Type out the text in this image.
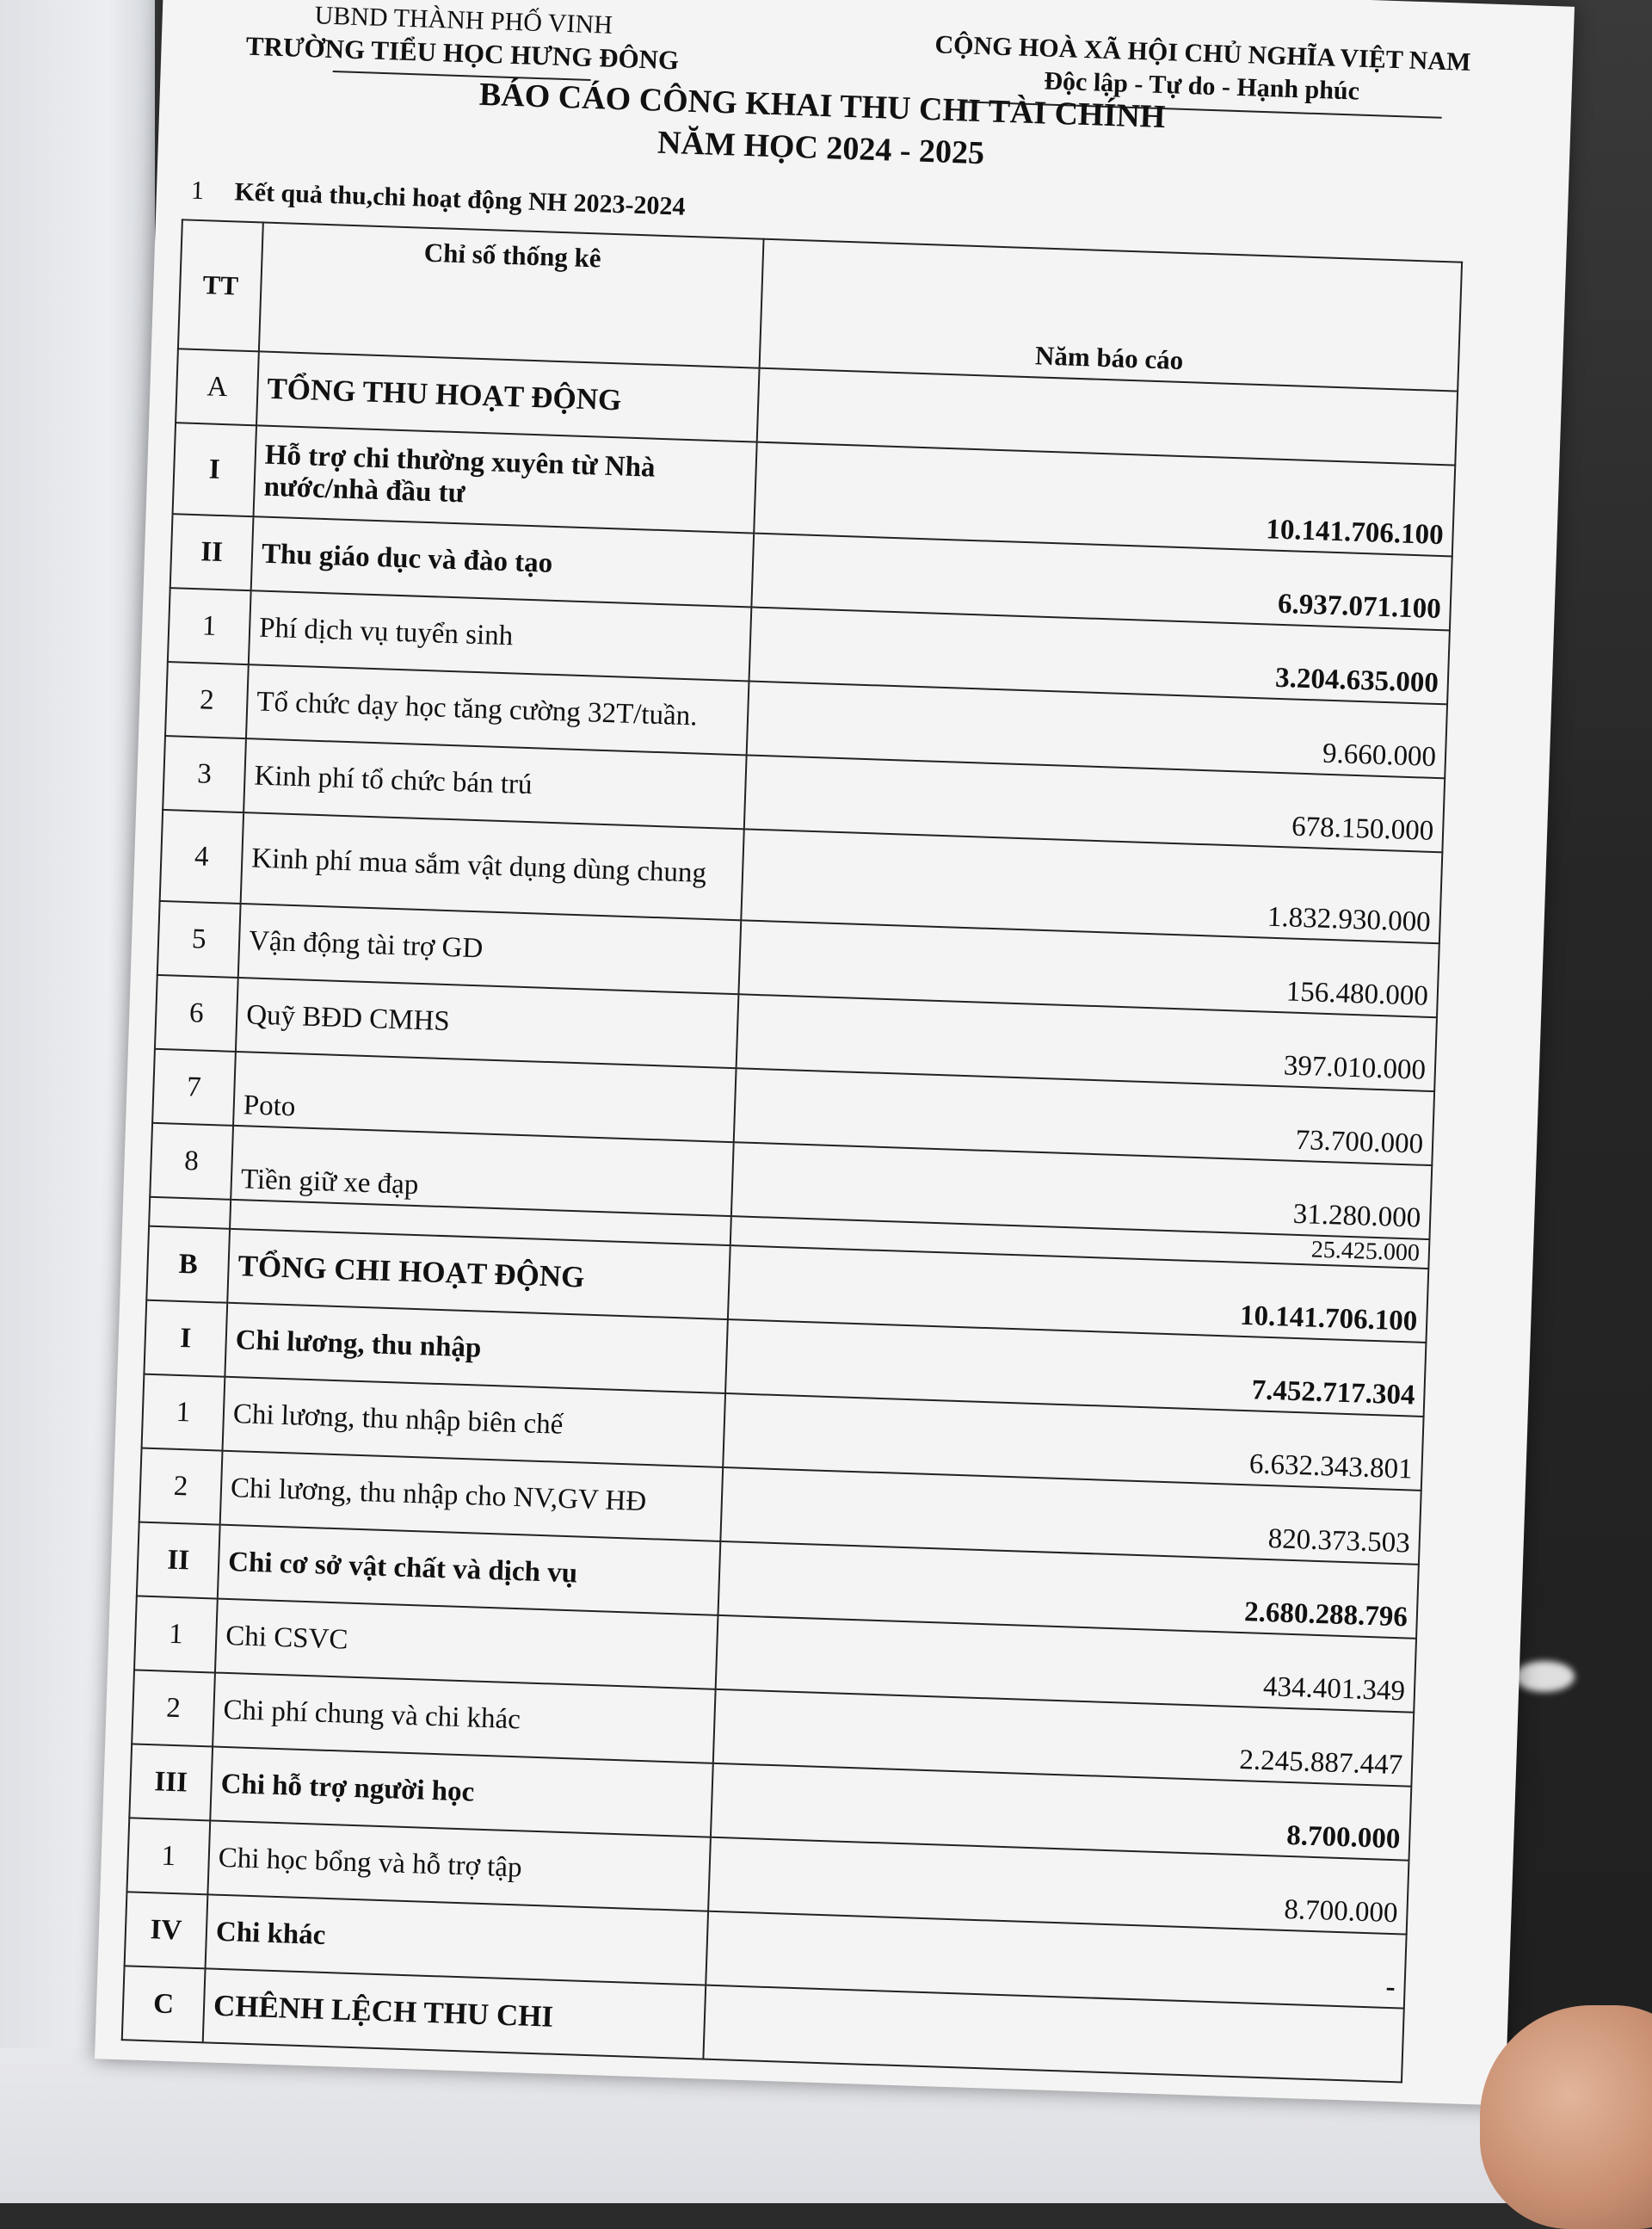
UBND THÀNH PHỐ VINH
TRƯỜNG TIỂU HỌC HƯNG ĐÔNG	CỘNG HOÀ XÃ HỘI CHỦ NGHĨA VIỆT NAM
Độc lập - Tự do - Hạnh phúc
BÁO CÁO CÔNG KHAI THU CHI TÀI CHÍNH
NĂM HỌC 2024 - 2025
1 Kết quả thu,chi hoạt động NH 2023-2024
TT	Chỉ số thống kê	Năm báo cáo
A	TỔNG THU HOẠT ĐỘNG	
I	Hỗ trợ chi thường xuyên từ Nhà nước/nhà đầu tư	10.141.706.100
II	Thu giáo dục và đào tạo	6.937.071.100
1	Phí dịch vụ tuyển sinh	3.204.635.000
2	Tổ chức dạy học tăng cường 32T/tuần.	9.660.000
3	Kinh phí tổ chức bán trú	678.150.000
4	Kinh phí mua sắm vật dụng dùng chung	1.832.930.000
5	Vận động tài trợ GD	156.480.000
6	Quỹ BĐD CMHS	397.010.000
7	Poto	73.700.000
8	Tiền giữ xe đạp	31.280.000
		25.425.000
B	TỔNG CHI HOẠT ĐỘNG	10.141.706.100
I	Chi lương, thu nhập	7.452.717.304
1	Chi lương, thu nhập biên chế	6.632.343.801
2	Chi lương, thu nhập cho NV,GV HĐ	820.373.503
II	Chi cơ sở vật chất và dịch vụ	2.680.288.796
1	Chi CSVC	434.401.349
2	Chi phí chung và chi khác	2.245.887.447
III	Chi hỗ trợ người học	8.700.000
1	Chi học bổng và hỗ trợ tập	8.700.000
IV	Chi khác	-
C	CHÊNH LỆCH THU CHI	
